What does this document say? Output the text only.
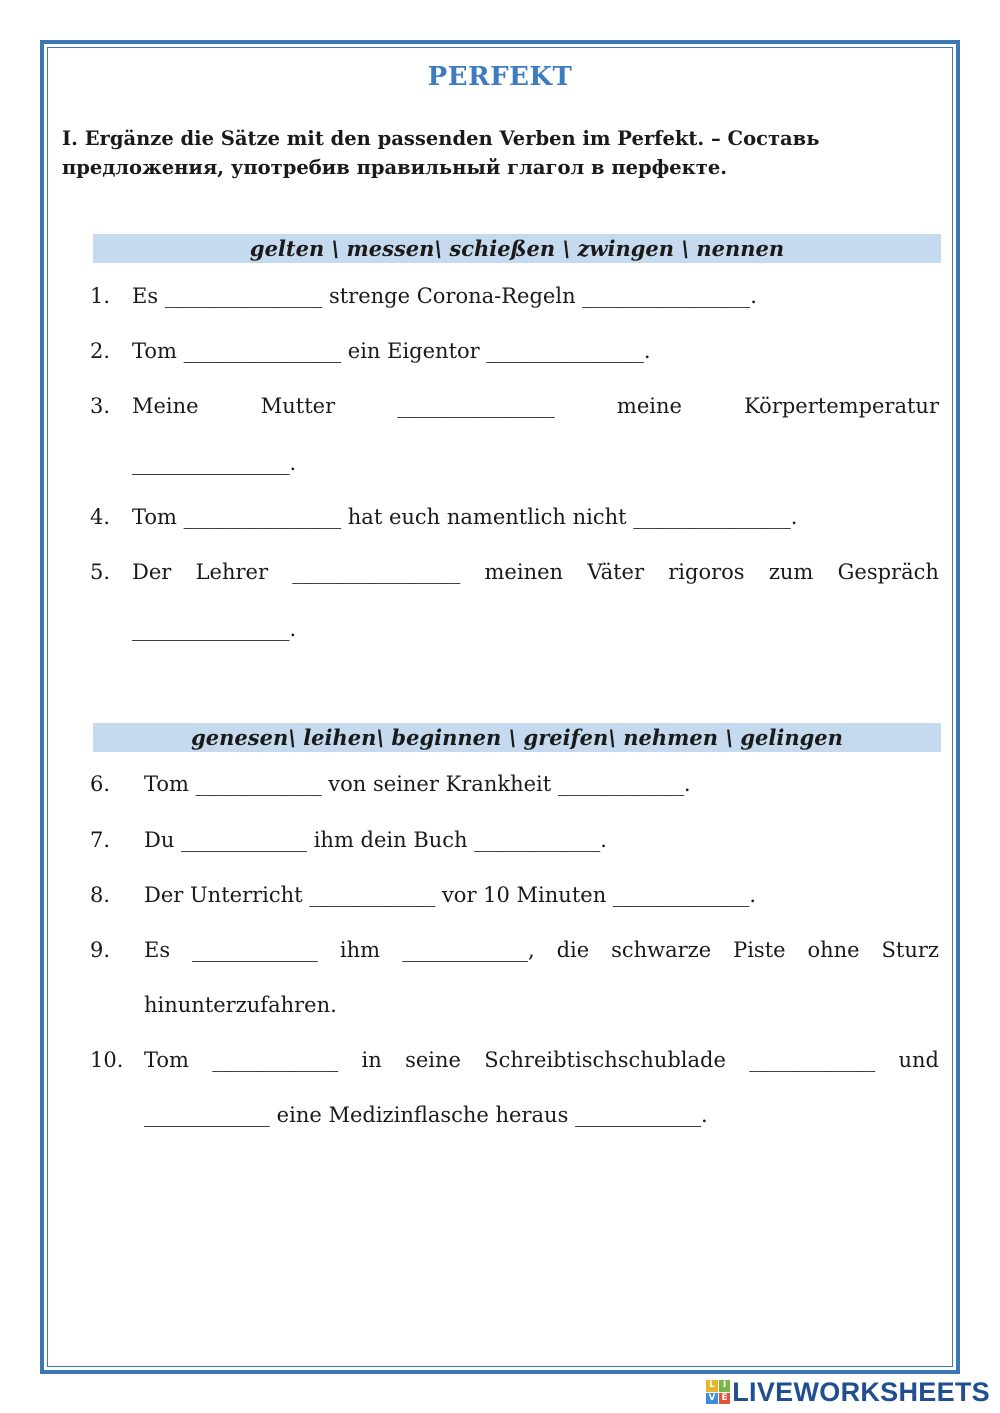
PERFEKT
I. Ergänze die Sätze mit den passenden Verben im Perfekt. – Составь предложения, употребив правильный глагол в перфекте.
gelten \ messen\ schießen \ zwingen \ nennen
1. Es _______________ strenge Corona-Regeln ________________.
2. Tom _______________ ein Eigentor _______________.
3. Meine	Mutter	_______________	meine	Körpertemperatur
_______________.
4. Tom _______________ hat euch namentlich nicht _______________.
5. Der Lehrer ________________ meinen Väter rigoros zum Gespräch
_______________.
genesen\ leihen\ beginnen \ greifen\ nehmen \ gelingen
6. Tom ____________ von seiner Krankheit ____________.
7. Du ____________ ihm dein Buch ____________.
8. Der Unterricht ____________ vor 10 Minuten _____________.
9. Es ____________ ihm ____________, die schwarze Piste ohne Sturz
hinunterzufahren.
10. Tom ____________ in seine Schreibtischschublade ____________ und
____________ eine Medizinflasche heraus ____________.
L I
V E LIVEWORKSHEETS
